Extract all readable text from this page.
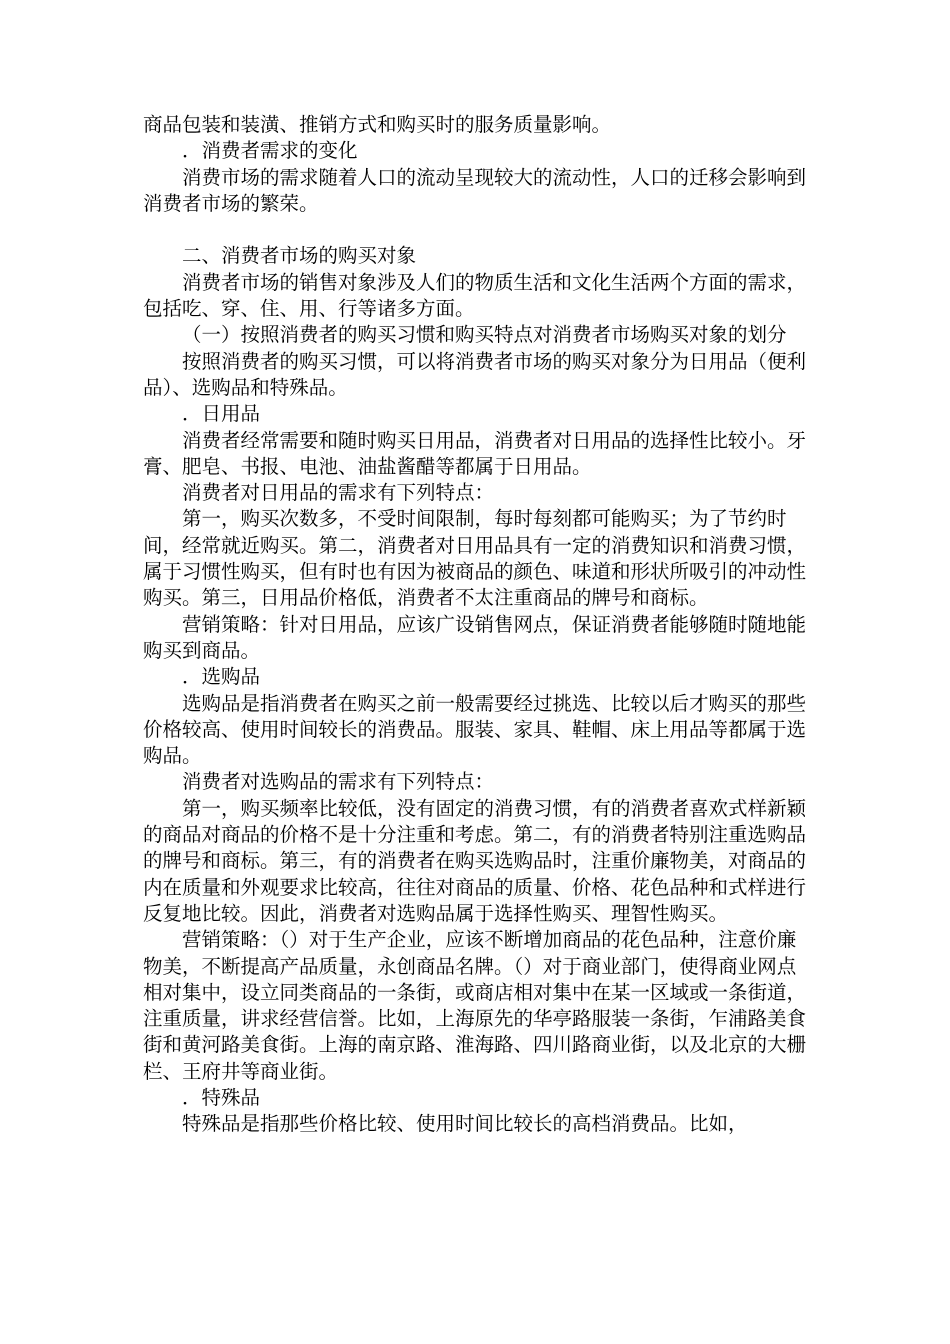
商品包装和装潢、推销方式和购买时的服务质量影响。

．消费者需求的变化

消费市场的需求随着人口的流动呈现较大的流动性，人口的迁移会影响到消费者市场的繁荣。

二、消费者市场的购买对象

消费者市场的销售对象涉及人们的物质生活和文化生活两个方面的需求，包括吃、穿、住、用、行等诸多方面。

（一）按照消费者的购买习惯和购买特点对消费者市场购买对象的划分

按照消费者的购买习惯，可以将消费者市场的购买对象分为日用品（便利品）、选购品和特殊品。

．日用品

消费者经常需要和随时购买日用品，消费者对日用品的选择性比较小。牙膏、肥皂、书报、电池、油盐酱醋等都属于日用品。

消费者对日用品的需求有下列特点：

第一，购买次数多，不受时间限制，每时每刻都可能购买；为了节约时间，经常就近购买。第二，消费者对日用品具有一定的消费知识和消费习惯，属于习惯性购买，但有时也有因为被商品的颜色、味道和形状所吸引的冲动性购买。第三，日用品价格低，消费者不太注重商品的牌号和商标。

营销策略：针对日用品，应该广设销售网点，保证消费者能够随时随地能购买到商品。

．选购品

选购品是指消费者在购买之前一般需要经过挑选、比较以后才购买的那些价格较高、使用时间较长的消费品。服装、家具、鞋帽、床上用品等都属于选购品。

消费者对选购品的需求有下列特点：

第一，购买频率比较低，没有固定的消费习惯，有的消费者喜欢式样新颖的商品对商品的价格不是十分注重和考虑。第二，有的消费者特别注重选购品的牌号和商标。第三，有的消费者在购买选购品时，注重价廉物美，对商品的内在质量和外观要求比较高，往往对商品的质量、价格、花色品种和式样进行反复地比较。因此，消费者对选购品属于选择性购买、理智性购买。

营销策略：（）对于生产企业，应该不断增加商品的花色品种，注意价廉物美，不断提高产品质量，永创商品名牌。（）对于商业部门，使得商业网点相对集中，设立同类商品的一条街，或商店相对集中在某一区域或一条街道，注重质量，讲求经营信誉。比如，上海原先的华亭路服装一条街，乍浦路美食街和黄河路美食街。上海的南京路、淮海路、四川路商业街，以及北京的大栅栏、王府井等商业街。

．特殊品

特殊品是指那些价格比较、使用时间比较长的高档消费品。比如，
